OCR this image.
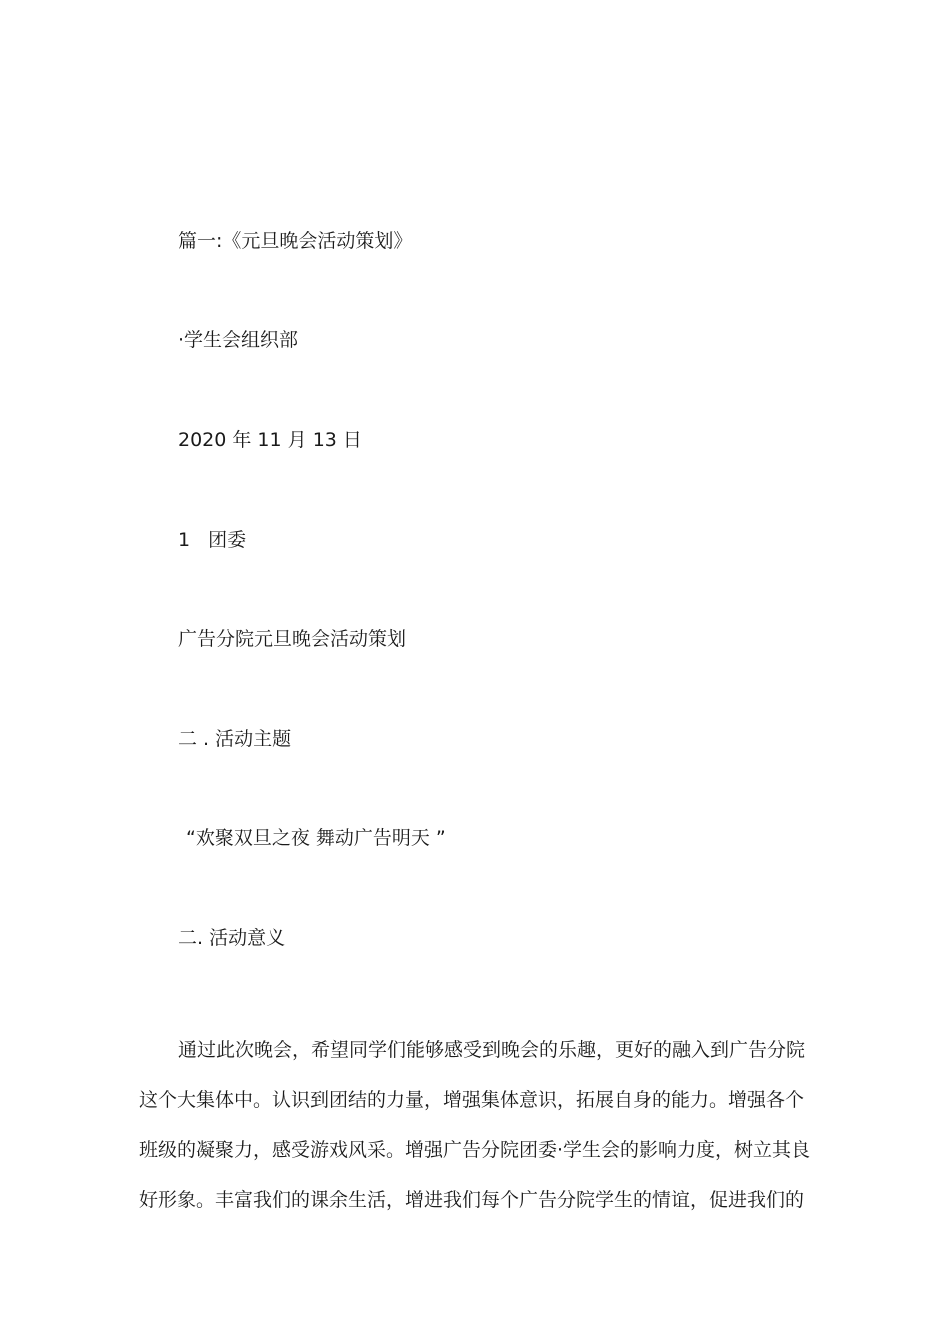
篇一:《元旦晚会活动策划》
·学生会组织部
2020 年 11 月 13 日
1 团委
广告分院元旦晚会活动策划
二 . 活动主题
“欢聚双旦之夜 舞动广告明天 ”
二. 活动意义
通过此次晚会，希望同学们能够感受到晚会的乐趣，更好的融入到广告分院
这个大集体中。认识到团结的力量，增强集体意识，拓展自身的能力。增强各个
班级的凝聚力，感受游戏风采。增强广告分院团委·学生会的影响力度，树立其良
好形象。丰富我们的课余生活，增进我们每个广告分院学生的情谊，促进我们的
